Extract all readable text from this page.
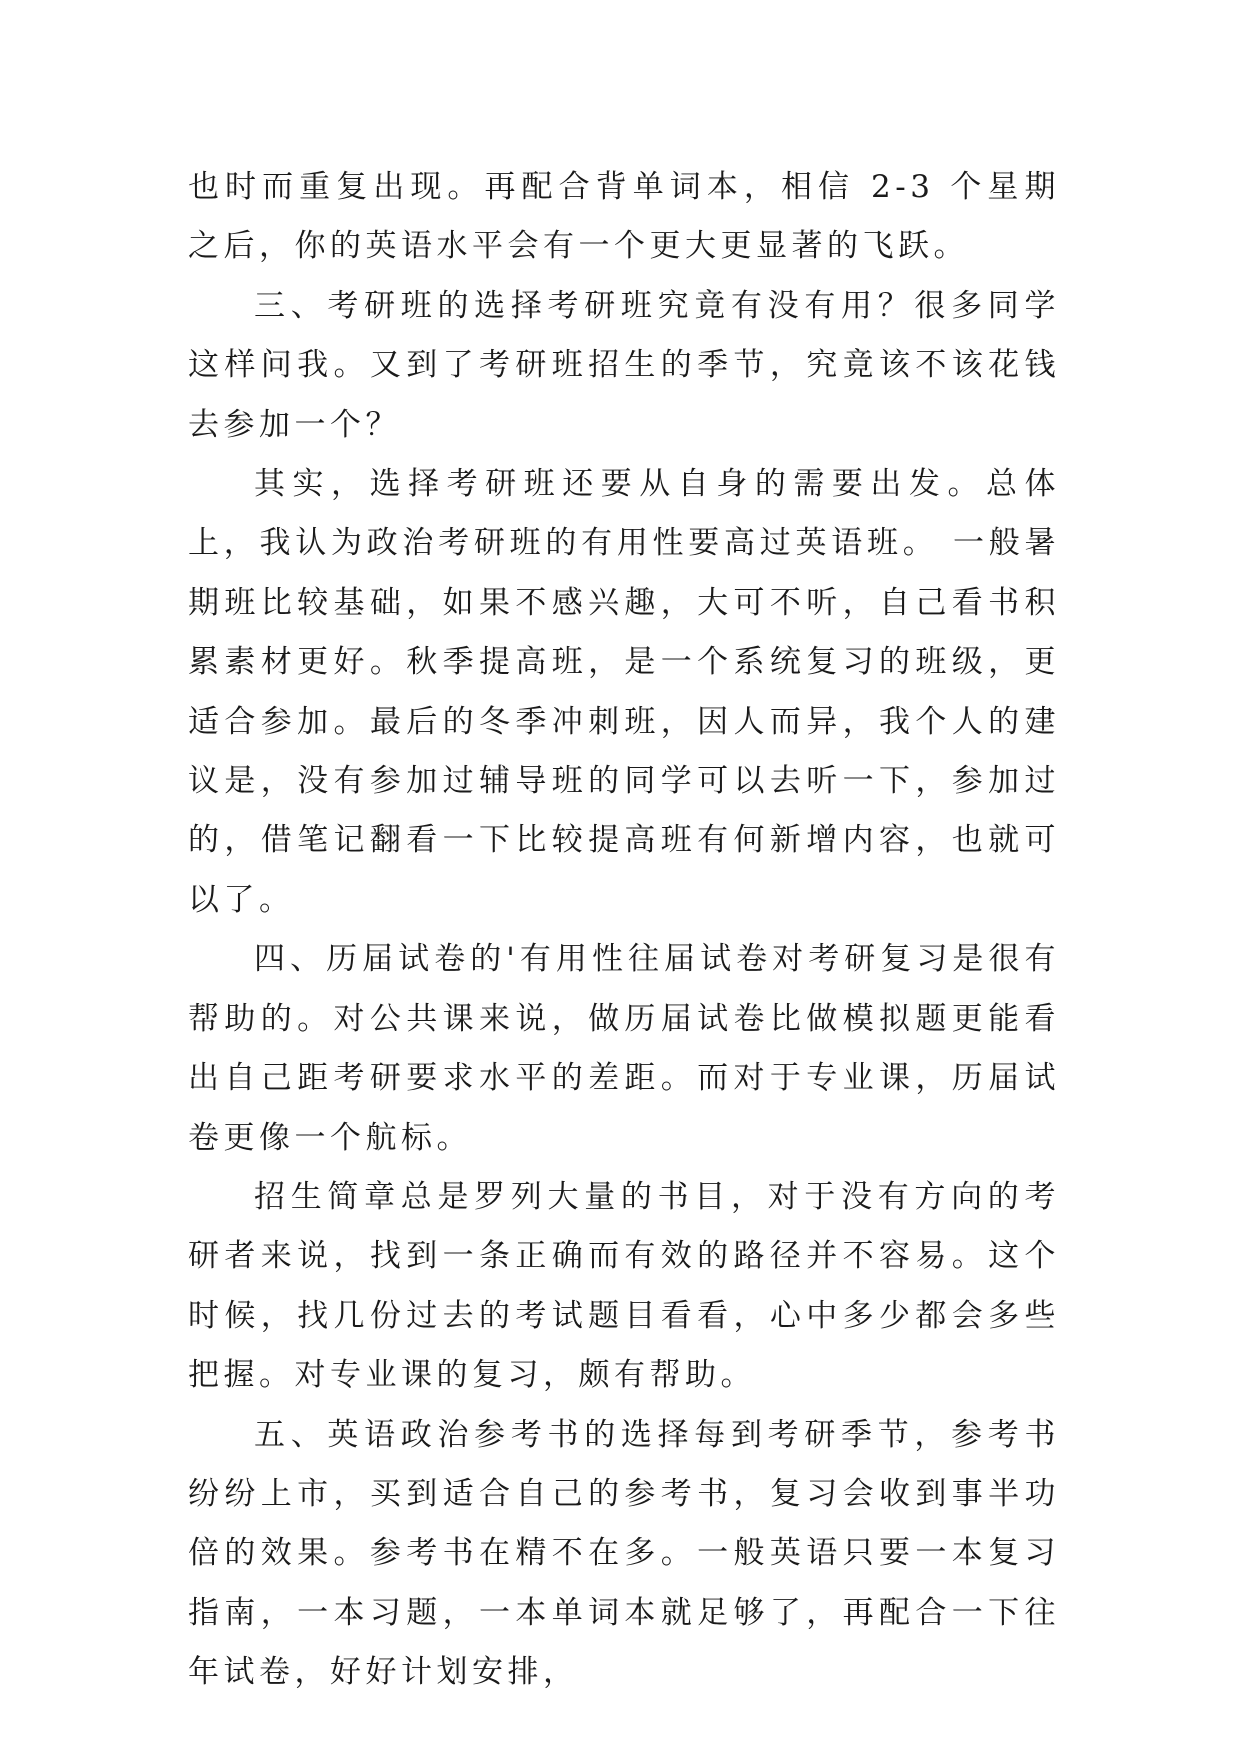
也时而重复出现。再配合背单词本，相信 2-3 个星期之后，你的英语水平会有一个更大更显著的飞跃。

三、考研班的选择考研班究竟有没有用？很多同学这样问我。又到了考研班招生的季节，究竟该不该花钱去参加一个？

其实，选择考研班还要从自身的需要出发。总体上，我认为政治考研班的有用性要高过英语班。 一般暑期班比较基础，如果不感兴趣，大可不听，自己看书积累素材更好。秋季提高班，是一个系统复习的班级，更适合参加。最后的冬季冲刺班，因人而异，我个人的建议是，没有参加过辅导班的同学可以去听一下，参加过的，借笔记翻看一下比较提高班有何新增内容，也就可以了。

四、历届试卷的'有用性往届试卷对考研复习是很有帮助的。对公共课来说，做历届试卷比做模拟题更能看出自己距考研要求水平的差距。而对于专业课，历届试卷更像一个航标。

招生简章总是罗列大量的书目，对于没有方向的考研者来说，找到一条正确而有效的路径并不容易。这个时候，找几份过去的考试题目看看，心中多少都会多些把握。对专业课的复习，颇有帮助。

五、英语政治参考书的选择每到考研季节，参考书纷纷上市，买到适合自己的参考书，复习会收到事半功倍的效果。参考书在精不在多。一般英语只要一本复习指南，一本习题，一本单词本就足够了，再配合一下往年试卷，好好计划安排，
